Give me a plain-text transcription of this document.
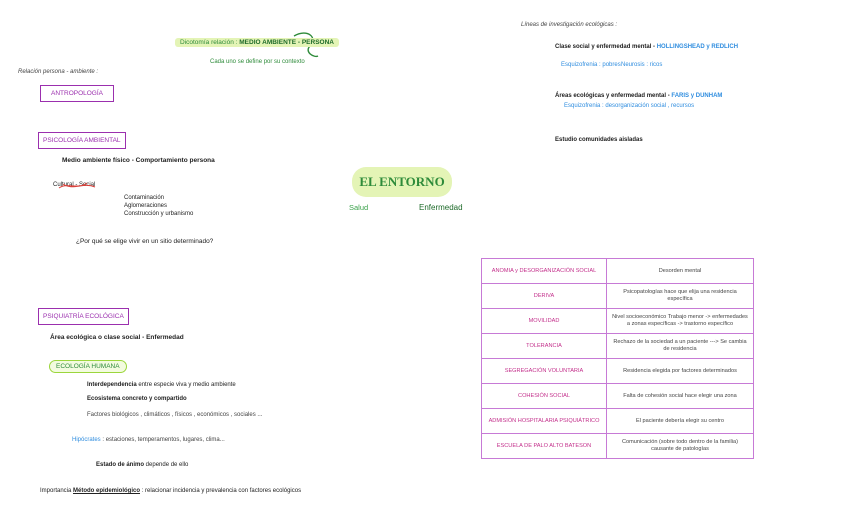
Dicotomía relación : MEDIO AMBIENTE - PERSONA
Cada uno se define por su contexto
Relación persona - ambiente :
ANTROPOLOGÍA
PSICOLOGÍA AMBIENTAL
Medio ambiente físico - Comportamiento persona
Cultural - Social
Contaminación
Aglomeraciones
Construcción y urbanismo
¿Por qué se elige vivir en un sitio determinado?
EL ENTORNO
Salud	Enfermedad
PSIQUIATRÍA ECOLÓGICA
Área ecológica o clase social - Enfermedad
ECOLOGÍA HUMANA
Interdependencia entre especie viva y medio ambiente
Ecosistema concreto y compartido
Factores biológicos , climáticos , físicos , económicos , sociales ...
Hipócrates : estaciones, temperamentos, lugares, clima...
Estado de ánimo depende de ello
Importancia Método epidemiológico : relacionar incidencia y prevalencia con factores ecológicos
Líneas de investigación ecológicas :
Clase social y enfermedad mental - HOLLINGSHEAD y REDLICH
Esquizofrenia : pobres Neurosis : ricos
Áreas ecológicas y enfermedad mental - FARIS y DUNHAM
Esquizofrenia : desorganización social , recursos
Estudio comunidades aisladas
ANOMIA y DESORGANIZACIÓN SOCIAL	Desorden mental
DERIVA	Psicopatologías hace que elija una residencia específica
MOVILIDAD	Nivel socioeconómico Trabajo menor -> enfermedades a zonas específicas -> trastorno específico
TOLERANCIA	Rechazo de la sociedad a un paciente ---> Se cambia de residencia
SEGREGACIÓN VOLUNTARIA	Residencia elegida por factores determinados
COHESIÓN SOCIAL	Falta de cohesión social hace elegir una zona
ADMISIÓN HOSPITALARIA PSIQUIÁTRICO	El paciente debería elegir su centro
ESCUELA DE PALO ALTO BATESON	Comunicación (sobre todo dentro de la familia) causante de patologías
